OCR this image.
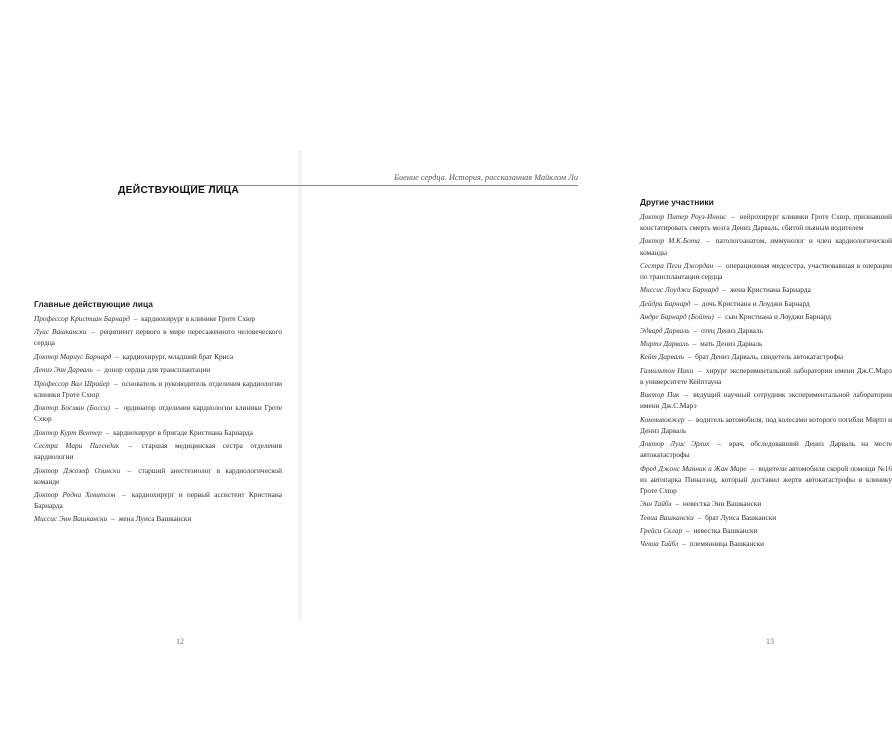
ДЕЙСТВУЮЩИЕ ЛИЦА
Главные действующие лица
Профессор Кристиан Барнард – кардиохирург в клинике Гроте Схюр
Луис Вашкански – реципиент первого в мире пересаженного человеческого сердца
Доктор Мариус Барнард – кардиохирург, младший брат Криса
Дениз Энн Дарваль – донор сердца для трансплантации
Профессор Вал Шрайер – основатель и руководитель отделения кардиологии клиники Гроте Схюр
Доктор Босман (Босси) – ординатор отделения кардиологии клиники Гроте Схюр
Доктор Курт Вентер – кардиохирург в бригаде Кристиана Барнарда
Сестра Мари Пагендик – старшая медицинская сестра отделения кардиологии
Доктор Джозеф Озински – старший анестезиолог в кардиологической команде
Доктор Родни Хевитсон – кардиохирург и первый ассистент Кристиана Барнарда
Миссис Энн Вашкански – жена Луиса Вашкански
12
Биение сердца. История, рассказанная Майклом Ли
Другие участники
Доктор Питер Роуз-Иннис – нейрохирург клиники Гроте Схюр, признавший констатировать смерть мозга Дениз Дарваль, сбитой пьяным водителем
Доктор М.К.Бота – патологоанатом, иммунолог и член кардиологической команды
Сестра Пеги Джордан – операционная медсестра, участвовавшая в операции по трансплантации сердца
Миссис Лоуджи Барнард – жена Кристиана Барнарда
Дейдра Барнард – дочь Кристиана и Лоуджи Барнард
Андре Барнард (Бойти) – сын Кристиана и Лоуджи Барнард
Эдвард Дарваль – отец Дениз Дарваль
Миртл Дарваль – мать Дениз Дарваль
Кейт Дарваль – брат Дениз Дарваль, свидетель автокатастрофы
Гамильтон Наки – хирург экспериментальной лаборатории имени Дж.С.Марэ в университете Кейптауна
Виктор Пик – ведущий научный сотрудник экспериментальной лаборатории имени Дж.С.Марэ
Коммивояжер – водитель автомобиля, под колесами которого погибли Миртл и Дениз Дарваль
Доктор Луис Эрлих – врач, обследовавший Дениз Дарваль на месте автокатастрофы
Фред Джонс Манник и Жан Маре – водители автомобиля скорой помощи №16 из автопарка Пиналэнд, который доставил жертв автокатастрофы в клинику Гроте Схюр
Энн Тайбл – невестка Энн Вашкански
Тевиа Вашкански – брат Луиса Вашкански
Грейси Склар – невестка Вашкански
Чевиа Тайбл – племянница Вашкански
13
